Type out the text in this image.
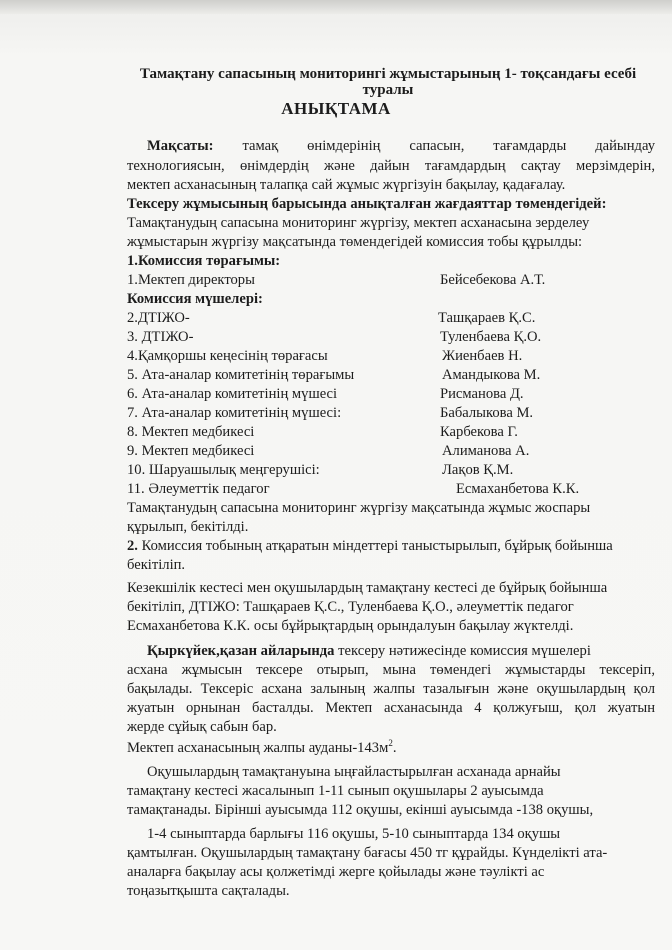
Тамақтану сапасының мониторингі жұмыстарының 1- тоқсандағы есебі
туралы
АНЫҚТАМА
Мақсаты: тамақ өнімдерінің сапасын, тағамдарды дайындау
технологиясын, өнімдердің және дайын тағамдардың сақтау мерзімдерін,
мектеп асханасының талапқа сай жұмыс жүргізуін бақылау, қадағалау.
Тексеру жұмысының барысында анықталған жағдаяттар төмендегідей:
Тамақтанудың сапасына мониторинг жүргізу, мектеп асханасына зерделеу
жұмыстарын жүргізу мақсатында төмендегідей комиссия тобы құрылды:
1.Комиссия төрағымы:
1.Мектеп директоры	Бейсебекова А.Т.
Комиссия мүшелері:
2.ДТІЖО-	Ташқараев Қ.С.
3. ДТІЖО-	Туленбаева Қ.О.
4.Қамқоршы кеңесінің төрағасы	Жиенбаев Н.
5. Ата-аналар комитетінің төрағымы	Амандыкова М.
6. Ата-аналар комитетінің мүшесі	Рисманова Д.
7. Ата-аналар комитетінің мүшесі:	Бабалыкова М.
8. Мектеп медбикесі	Карбекова Г.
9. Мектеп медбикесі	Алиманова А.
10. Шаруашылық меңгерушісі:	Лақов Қ.М.
11. Әлеуметтік педагог	Есмаханбетова К.К.
Тамақтанудың сапасына мониторинг жүргізу мақсатында жұмыс жоспары
құрылып, бекітілді.
2. Комиссия тобының атқаратын міндеттері таныстырылып, бұйрық бойынша
бекітіліп.
Кезекшілік кестесі мен оқушылардың тамақтану кестесі де бұйрық бойынша
бекітіліп, ДТІЖО: Ташқараев Қ.С., Туленбаева Қ.О., әлеуметтік педагог
Есмаханбетова К.К. осы бұйрықтардың орындалуын бақылау жүктелді.
Қыркүйек,қазан айларында тексеру нәтижесінде комиссия мүшелері
асхана жұмысын тексере отырып, мына төмендегі жұмыстарды тексеріп,
бақылады. Тексеріс асхана залының жалпы тазалығын және оқушылардың қол
жуатын орнынан басталды. Мектеп асханасында 4 қолжуғыш, қол жуатын
жерде сұйық сабын бар.
Мектеп асханасының жалпы ауданы-$143м^2$.
Оқушылардың тамақтануына ыңғайластырылған асханада арнайы
тамақтану кестесі жасалынып 1-11 сынып оқушылары 2 ауысымда
тамақтанады. Бірінші ауысымда 112 оқушы, екінші ауысымда -138 оқушы,
1-4 сыныптарда барлығы 116 оқушы, 5-10 сыныптарда 134 оқушы
қамтылған. Оқушылардың тамақтану бағасы 450 тг құрайды. Күнделікті ата-
аналарға бақылау асы қолжетімді жерге қойылады және тәулікті ас
тоңазытқышта сақталады.
